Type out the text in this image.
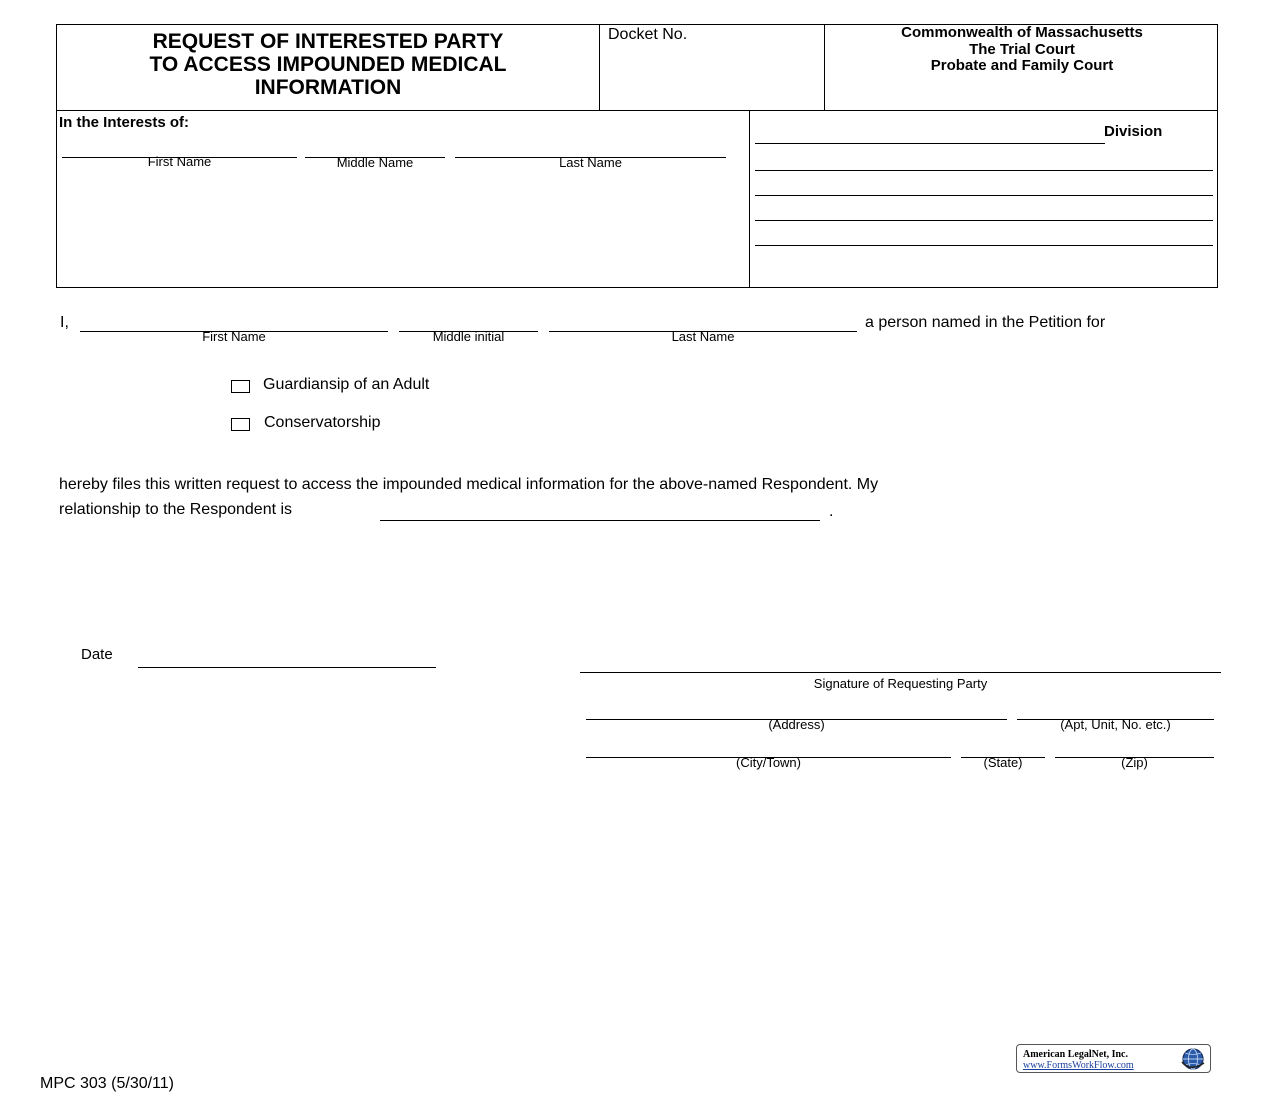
REQUEST OF INTERESTED PARTY
TO ACCESS IMPOUNDED MEDICAL
INFORMATION
Docket No.	Commonwealth of Massachusetts
The Trial Court
Probate and Family Court
In the Interests of:
First Name	Middle Name	Last Name
Division
I,
First Name	Middle initial	Last Name
a person named in the Petition for
Guardiansip of an Adult
Conservatorship
hereby files this written request to access the impounded medical information for the above-named Respondent. My
relationship to the Respondent is	.
Date
Signature of Requesting Party
(Address)	(Apt, Unit, No. etc.)
(City/Town)	(State)	(Zip)
MPC 303 (5/30/11)
American LegalNet, Inc.
www.FormsWorkFlow.com
